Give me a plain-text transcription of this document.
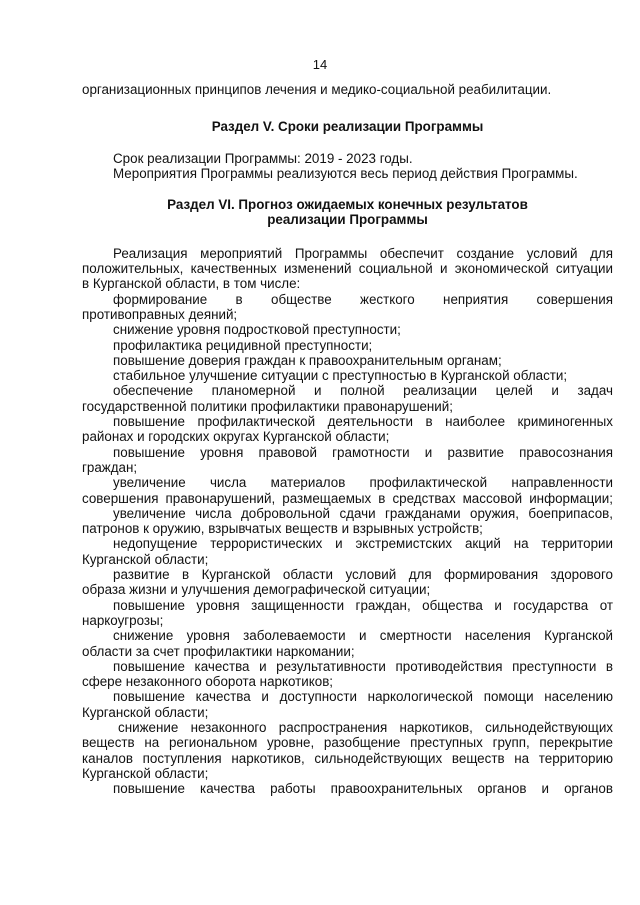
14

организационных принципов лечения и медико-социальной реабилитации.

Раздел V. Сроки реализации Программы

Срок реализации Программы: 2019 - 2023 годы.

Мероприятия Программы реализуются весь период действия Программы.

Раздел VI. Прогноз ожидаемых конечных результатов

реализации Программы

Реализация мероприятий Программы обеспечит создание условий для

положительных, качественных изменений социальной и экономической ситуации

в Курганской области, в том числе:

формирование в обществе жесткого неприятия совершения

противоправных деяний;

снижение уровня подростковой преступности;

профилактика рецидивной преступности;

повышение доверия граждан к правоохранительным органам;

стабильное улучшение ситуации с преступностью в Курганской области;

обеспечение планомерной и полной реализации целей и задач

государственной политики профилактики правонарушений;

повышение профилактической деятельности в наиболее криминогенных

районах и городских округах Курганской области;

повышение уровня правовой грамотности и развитие правосознания

граждан;

увеличение числа материалов профилактической направленности

совершения правонарушений, размещаемых в средствах массовой информации;

увеличение числа добровольной сдачи гражданами оружия, боеприпасов,

патронов к оружию, взрывчатых веществ и взрывных устройств;

недопущение террористических и экстремистских акций на территории

Курганской области;

развитие в Курганской области условий для формирования здорового

образа жизни и улучшения демографической ситуации;

повышение уровня защищенности граждан, общества и государства от

наркоугрозы;

снижение уровня заболеваемости и смертности населения Курганской

области за счет профилактики наркомании;

повышение качества и результативности противодействия преступности в

сфере незаконного оборота наркотиков;

повышение качества и доступности наркологической помощи населению

Курганской области;

снижение незаконного распространения наркотиков, сильнодействующих

веществ на региональном уровне, разобщение преступных групп, перекрытие

каналов поступления наркотиков, сильнодействующих веществ на территорию

Курганской области;

повышение качества работы правоохранительных органов и органов
